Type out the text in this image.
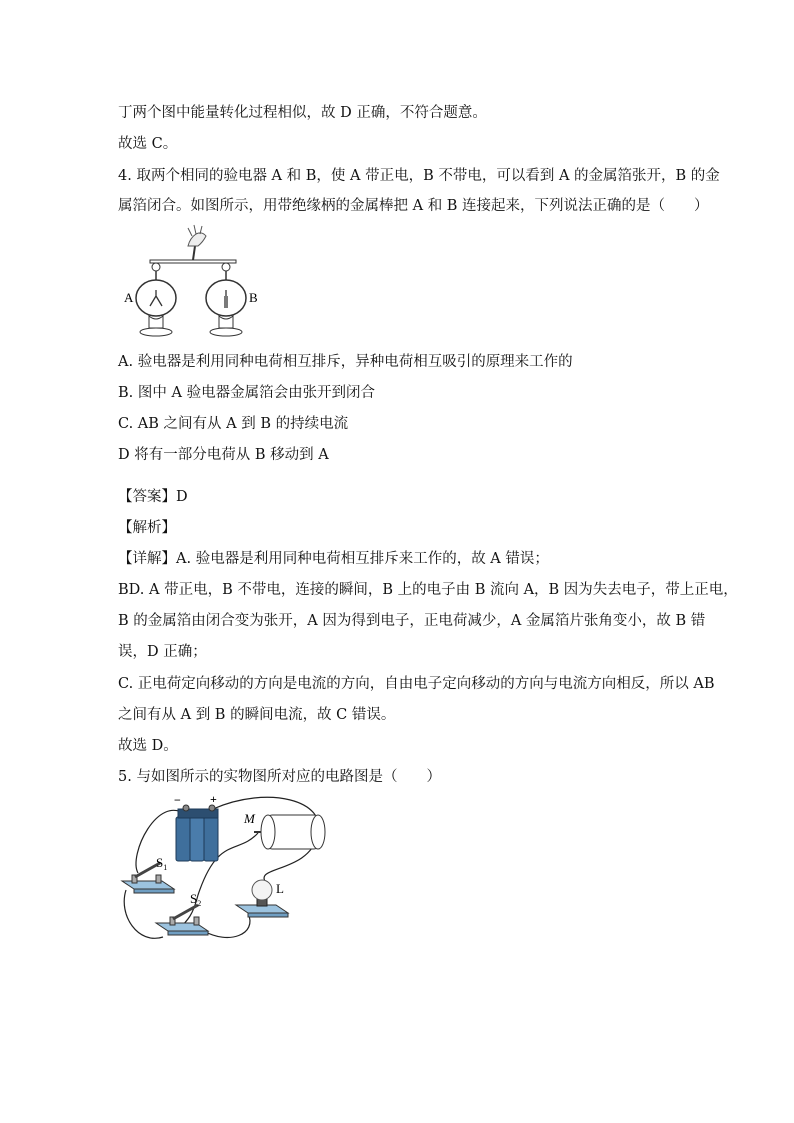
丁两个图中能量转化过程相似，故 D 正确，不符合题意。
故选 C。
4. 取两个相同的验电器 A 和 B，使 A 带正电，B 不带电，可以看到 A 的金属箔张开，B 的金
属箔闭合。如图所示，用带绝缘柄的金属棒把 A 和 B 连接起来，下列说法正确的是（　　）
A	B
A. 验电器是利用同种电荷相互排斥，异种电荷相互吸引的原理来工作的
B. 图中 A 验电器金属箔会由张开到闭合
C. AB 之间有从 A 到 B 的持续电流
D 将有一部分电荷从 B 移动到 A
【答案】D
【解析】
【详解】A. 验电器是利用同种电荷相互排斥来工作的，故 A 错误；
BD. A 带正电，B 不带电，连接的瞬间，B 上的电子由 B 流向 A，B 因为失去电子，带上正电，
B 的金属箔由闭合变为张开，A 因为得到电子，正电荷减少，A 金属箔片张角变小，故 B 错
误，D 正确；
C. 正电荷定向移动的方向是电流的方向，自由电子定向移动的方向与电流方向相反，所以 AB
之间有从 A 到 B 的瞬间电流，故 C 错误。
故选 D。
5. 与如图所示的实物图所对应的电路图是（　　）
− +
M
$S_1$
$S_2$
L
